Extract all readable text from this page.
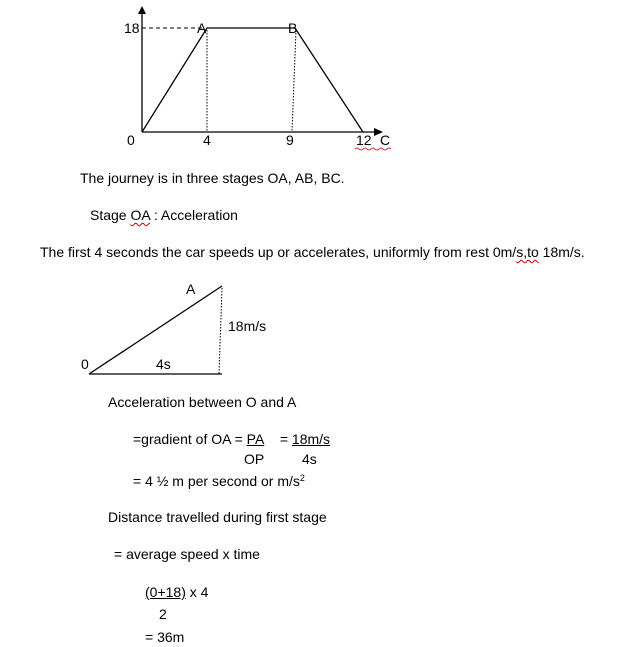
18	A	B
0	4	9	12 C
The journey is in three stages OA, AB, BC.
Stage OA : Acceleration
The first 4 seconds the car speeds up or accelerates, uniformly from rest 0m/s,to 18m/s.
A
0
18m/s
4s
Acceleration between O and A
=gradient of OA = PA    = 18m/s
OP	4s
= 4 ½ m per second or $m/s^2$
Distance travelled during first stage
= average speed x time
(0+18) x 4
2
= 36m
